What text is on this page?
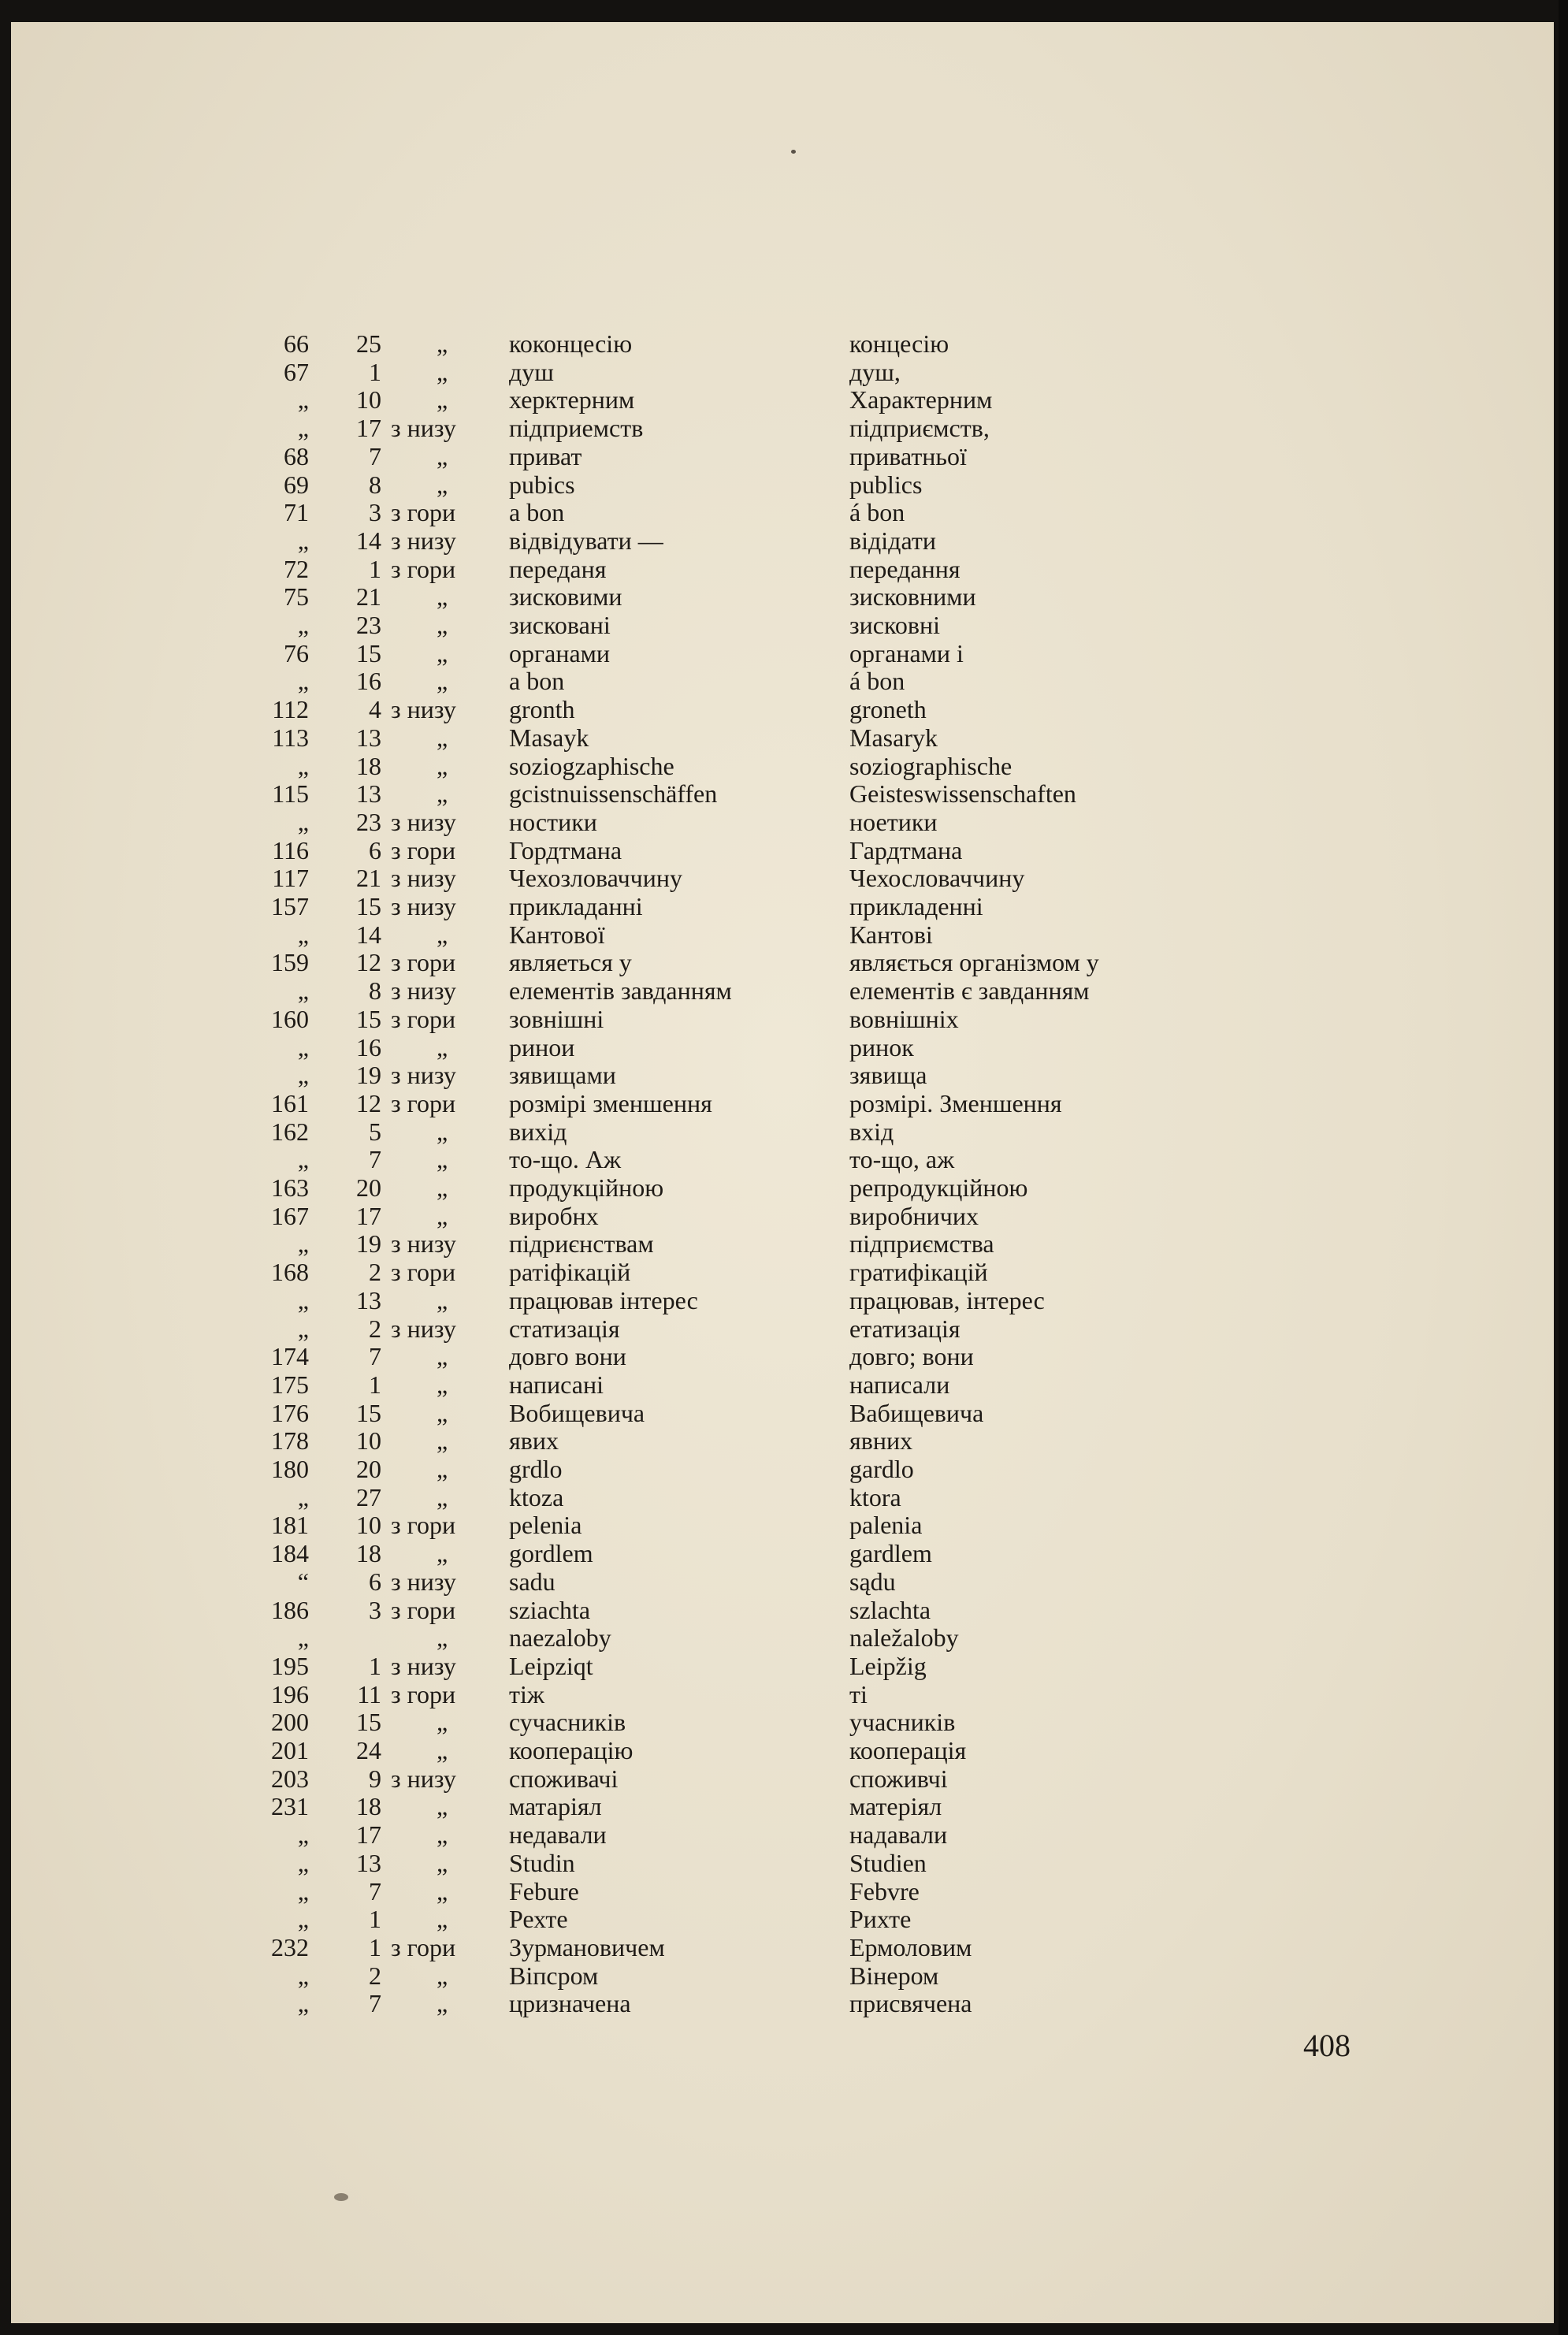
66	25 „	коконцесію	концесію
67	1 „	душ	душ,
„	10 „	херктерним	Характерним
„	17 з низу	підприемств	підприємств,
68	7 „	приват	приватньої
69	8 „	pubics	publics
71	3 з гори	a bon	á bon
„	14 з низу	відвідувати —	відідати
72	1 з гори	переданя	передання
75	21 „	зисковими	зисковними
„	23 „	зисковані	зисковні
76	15 „	органами	органами і
„	16 „	a bon	á bon
112	4 з низу	gronth	groneth
113	13 „	Masayk	Masaryk
„	18 „	soziogzaphische	soziographische
115	13 „	gcistnuissenschäffen	Geisteswissenschaften
„	23 з низу	ностики	ноетики
116	6 з гори	Гордтмана	Гардтмана
117	21 з низу	Чехозловаччину	Чехословаччину
157	15 з низу	прикладанні	прикладенні
„	14 „	Кантової	Кантові
159	12 з гори	являеться у	являється організмом у
„	8 з низу	елементів завданням	елементів є завданням
160	15 з гори	зовнішні	вовнішніх
„	16 „	ринои	ринок
„	19 з низу	зявищами	зявища
161	12 з гори	розмірі зменшення	розмірі. Зменшення
162	5 „	вихід	вхід
„	7 „	то-що. Аж	то-що, аж
163	20 „	продукційною	репродукційною
167	17 „	виробнх	виробничих
„	19 з низу	підриєнствам	підприємства
168	2 з гори	ратіфікацій	гратифікацій
„	13 „	працював інтерес	працював, інтерес
„	2 з низу	статизація	етатизація
174	7 „	довго вони	довго; вони
175	1 „	написані	написали
176	15 „	Вобищевича	Вабищевича
178	10 „	явих	явних
180	20 „	grdlo	gardlo
„	27 „	ktoza	ktora
181	10 з гори	pelenia	palenia
184	18 „	gordlem	gardlem
“	6 з низу	sadu	sądu
186	3 з гори	sziachta	szlachta
„	„	naezaloby	naležaloby
195	1 з низу	Leipziqt	Leipžig
196	11 з гори	тіж	ті
200	15 „	сучасників	учасників
201	24 „	кооперацію	кооперація
203	9 з низу	споживачі	споживчі
231	18 „	матаріял	матеріял
„	17 „	недавали	надавали
„	13 „	Studin	Studien
„	7 „	Febure	Febvre
„	1 „	Рехте	Рихте
232	1 з гори	Зурмановичем	Ермоловим
„	2 „	Віпсром	Вінером
„	7 „	цризначена	присвячена
408
